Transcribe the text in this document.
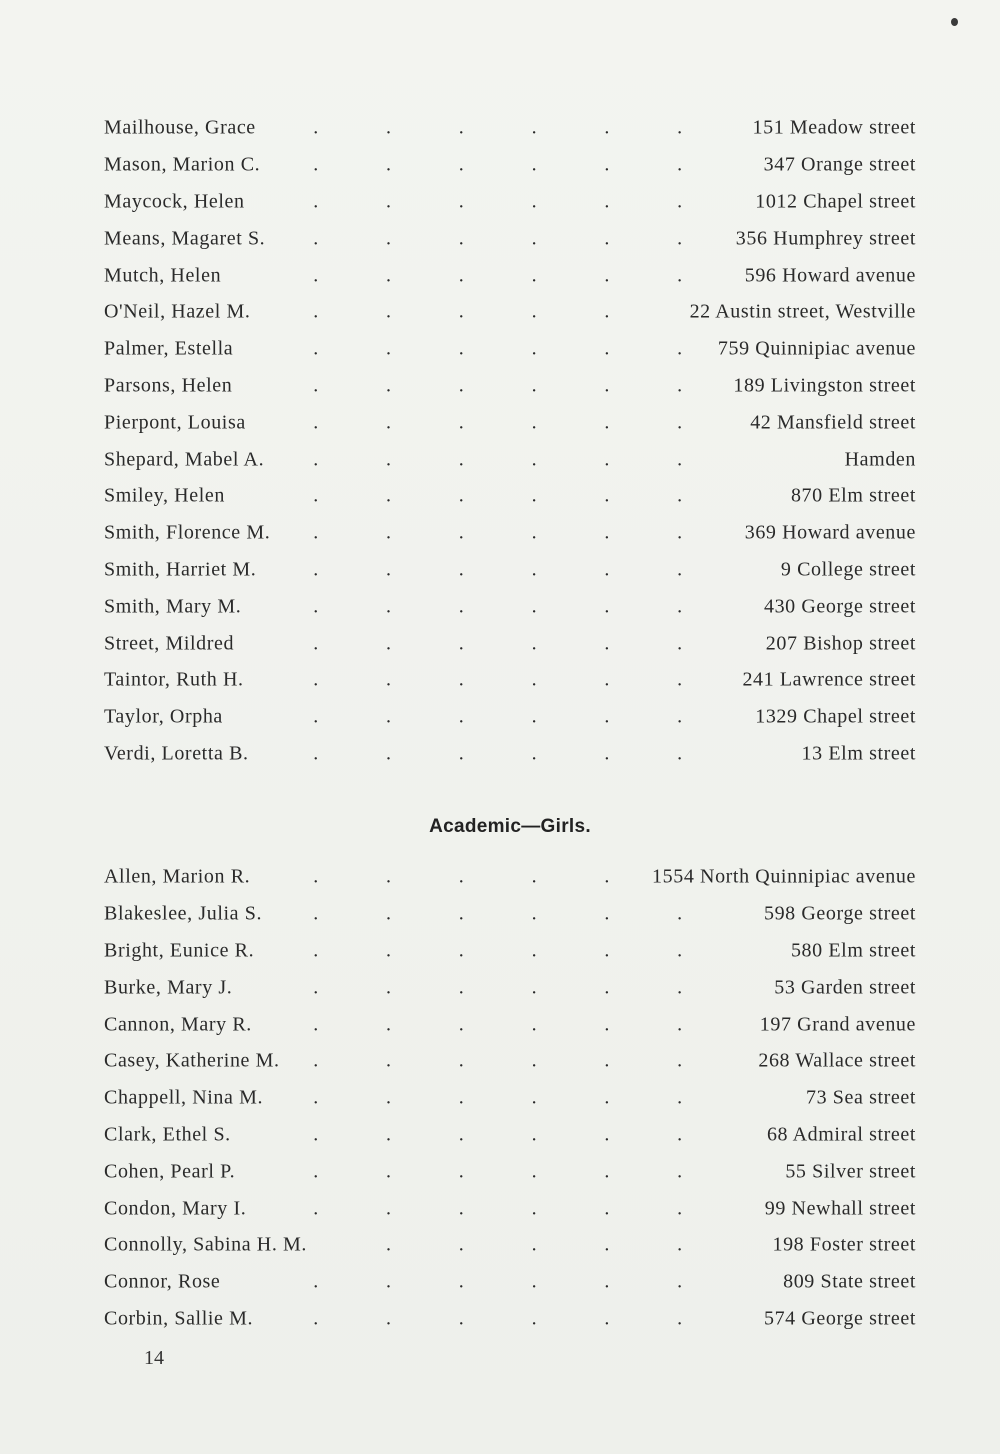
Mailhouse, Grace	.	.	.	.	.	.	151 Meadow street
Mason, Marion C.	.	.	.	.	.	.	347 Orange street
Maycock, Helen	.	.	.	.	.	.	1012 Chapel street
Means, Magaret S. .	.	.	.	.	.	356 Humphrey street
Mutch, Helen	.	.	.	.	.	.	596 Howard avenue
O'Neil, Hazel M.	.	.	.	.	.	22 Austin street, Westville
Palmer, Estella	.	.	.	.	.	. 759 Quinnipiac avenue
Parsons, Helen	.	.	.	.	.	.	189 Livingston street
Pierpont, Louisa	.	.	.	.	.	.	42 Mansfield street
Shepard, Mabel A. .	.	.	.	.	.	Hamden
Smiley, Helen	.	.	.	.	.	.	870 Elm street
Smith, Florence M. .	.	.	.	.	.	369 Howard avenue
Smith, Harriet M.	.	.	.	.	.	.	9 College street
Smith, Mary M.	.	.	.	.	.	.	430 George street
Street, Mildred	.	.	.	.	.	.	207 Bishop street
Taintor, Ruth H.	.	.	.	.	.	.	241 Lawrence street
Taylor, Orpha	.	.	.	.	.	.	1329 Chapel street
Verdi, Loretta B.	.	.	.	.	.	.	13 Elm street
Academic—Girls.
Allen, Marion R.	.	.	.	.	. 1554 North Quinnipiac avenue
Blakeslee, Julia S.	.	.	.	.	.	.	598 George street
Bright, Eunice R.	.	.	.	.	.	.	580 Elm street
Burke, Mary J.	.	.	.	.	.	.	53 Garden street
Cannon, Mary R.	.	.	.	.	.	.	197 Grand avenue
Casey, Katherine M. .	.	.	.	.	.	268 Wallace street
Chappell, Nina M.	.	.	.	.	.	.	73 Sea street
Clark, Ethel S.	.	.	.	.	.	.	68 Admiral street
Cohen, Pearl P.	.	.	.	.	.	.	55 Silver street
Condon, Mary I.	.	.	.	.	.	.	99 Newhall street
Connolly, Sabina H. M.	.	.	.	.	.	198 Foster street
Connor, Rose	.	.	.	.	.	.	809 State street
Corbin, Sallie M.	.	.	.	.	.	.	574 George street
14
